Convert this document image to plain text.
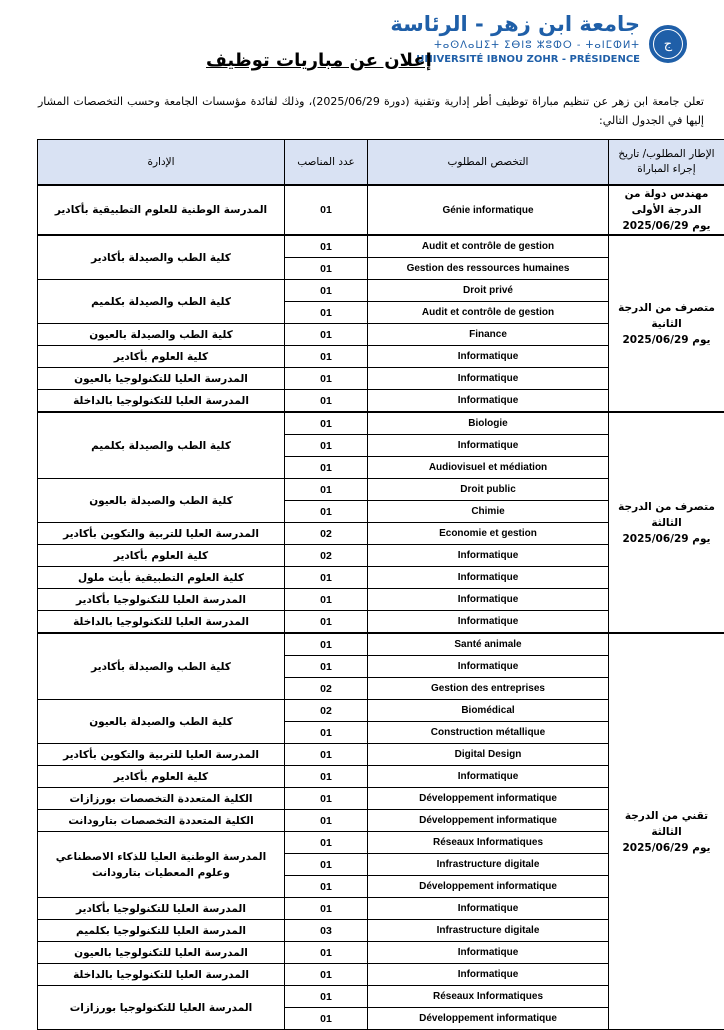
ج
جامعة ابن زهر - الرئاسة
ⵜⴰⵙⴷⴰⵡⵉⵜ ⵉⴱⵏⵓ ⵣⵓⵀⵔ - ⵜⴰⵏⵎⵀⵍⵜ
UNIVERSITÉ IBNOU ZOHR - PRÉSIDENCE
إعلان عن مباريات توظيف
تعلن جامعة ابن زهر عن تنظيم مباراة توظيف أطر إدارية وتقنية (دورة 2025/06/29)، وذلك لفائدة مؤسسات الجامعة وحسب التخصصات المشار إليها في الجدول التالي:
الإطار المطلوب/ تاريخ إجراء المباراة	التخصص المطلوب	عدد المناصب	الإدارة
مهندس دولة من الدرجة الأولى
يوم 2025/06/29	Génie informatique	01	المدرسة الوطنية للعلوم التطبيقية بأكادير
متصرف من الدرجة الثانية
يوم 2025/06/29	Audit et contrôle de gestion	01	كلية الطب والصيدلة بأكادير
	Gestion des ressources humaines	01	
	Droit privé	01	كلية الطب والصيدلة بكلميم
	Audit et contrôle de gestion	01	
	Finance	01	كلية الطب والصيدلة بالعيون
	Informatique	01	كلية العلوم بأكادير
	Informatique	01	المدرسة العليا للتكنولوجيا بالعيون
	Informatique	01	المدرسة العليا للتكنولوجيا بالداخلة
متصرف من الدرجة الثالثة
يوم 2025/06/29	Biologie	01	كلية الطب والصيدلة بكلميم
	Informatique	01	
	Audiovisuel et médiation	01	
	Droit public	01	كلية الطب والصيدلة بالعيون
	Chimie	01	
	Economie et gestion	02	المدرسة العليا للتربية والتكوين بأكادير
	Informatique	02	كلية العلوم بأكادير
	Informatique	01	كلية العلوم التطبيقية بأيت ملول
	Informatique	01	المدرسة العليا للتكنولوجيا بأكادير
	Informatique	01	المدرسة العليا للتكنولوجيا بالداخلة
تقني من الدرجة الثالثة
يوم 2025/06/29	Santé animale	01	كلية الطب والصيدلة بأكادير
	Informatique	01	
	Gestion des entreprises	02	
	Biomédical	02	كلية الطب والصيدلة بالعيون
	Construction métallique	01	
	Digital Design	01	المدرسة العليا للتربية والتكوين بأكادير
	Informatique	01	كلية العلوم بأكادير
	Développement informatique	01	الكلية المتعددة التخصصات بورزازات
	Développement informatique	01	الكلية المتعددة التخصصات بتارودانت
	Réseaux Informatiques	01	المدرسة الوطنية العليا للذكاء الاصطناعي
وعلوم المعطيات بتارودانت
	Infrastructure digitale	01	
	Développement informatique	01	
	Informatique	01	المدرسة العليا للتكنولوجيا بأكادير
	Infrastructure digitale	03	المدرسة العليا للتكنولوجيا بكلميم
	Informatique	01	المدرسة العليا للتكنولوجيا بالعيون
	Informatique	01	المدرسة العليا للتكنولوجيا بالداخلة
	Réseaux Informatiques	01	المدرسة العليا للتكنولوجيا بورزازات
	Développement informatique	01	
